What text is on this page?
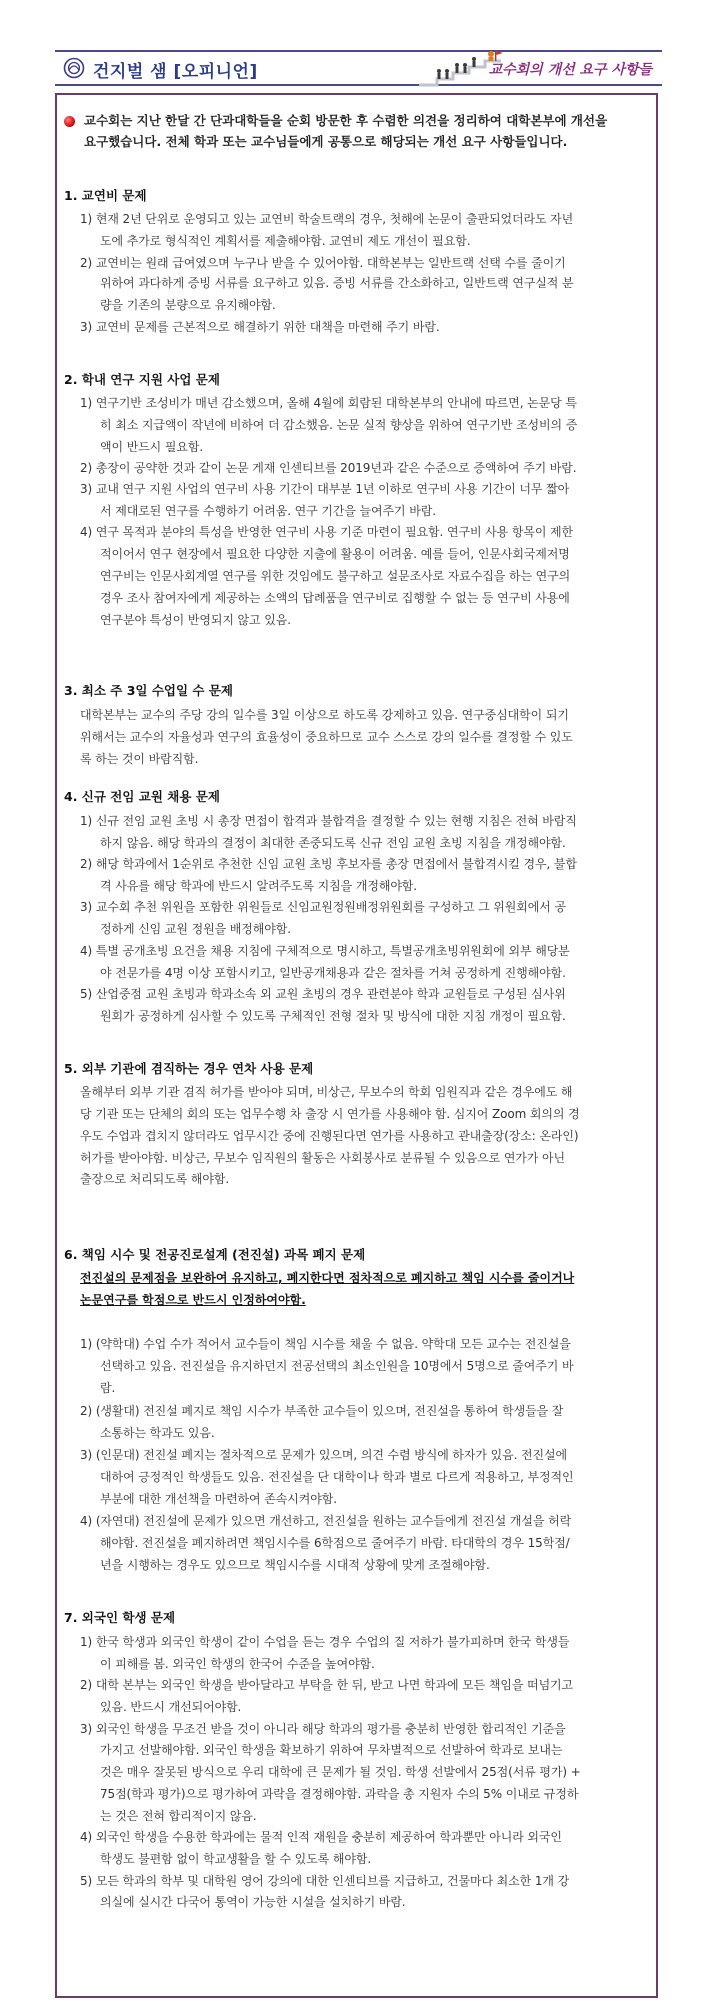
건지벌 샘 [오피니언]	교수회의 개선 요구 사항들
교수회는 지난 한달 간 단과대학들을 순회 방문한 후 수렴한 의견을 정리하여 대학본부에 개선을
요구했습니다. 전체 학과 또는 교수님들에게 공통으로 해당되는 개선 요구 사항들입니다.
1. 교연비 문제
1) 현재 2년 단위로 운영되고 있는 교연비 학술트랙의 경우, 첫해에 논문이 출판되었더라도 자년
도에 추가로 형식적인 계획서를 제출해야함. 교연비 제도 개선이 필요함.
2) 교연비는 원래 급여였으며 누구나 받을 수 있어야함. 대학본부는 일반트랙 선택 수를 줄이기
위하여 과다하게 증빙 서류를 요구하고 있음. 증빙 서류를 간소화하고, 일반트랙 연구실적 분
량을 기존의 분량으로 유지해야함.
3) 교연비 문제를 근본적으로 해결하기 위한 대책을 마련해 주기 바람.
2. 학내 연구 지원 사업 문제
1) 연구기반 조성비가 매년 감소했으며, 올해 4월에 회람된 대학본부의 안내에 따르면, 논문당 특
히 최소 지급액이 작년에 비하여 더 감소했음. 논문 실적 향상을 위하여 연구기반 조성비의 증
액이 반드시 필요함.
2) 총장이 공약한 것과 같이 논문 게재 인센티브를 2019년과 같은 수준으로 증액하여 주기 바람.
3) 교내 연구 지원 사업의 연구비 사용 기간이 대부분 1년 이하로 연구비 사용 기간이 너무 짧아
서 제대로된 연구를 수행하기 어려움. 연구 기간을 늘여주기 바람.
4) 연구 목적과 분야의 특성을 반영한 연구비 사용 기준 마련이 필요함. 연구비 사용 항목이 제한
적이어서 연구 현장에서 필요한 다양한 지출에 활용이 어려움. 예를 들어, 인문사회국제저명
연구비는 인문사회계열 연구를 위한 것임에도 불구하고 설문조사로 자료수집을 하는 연구의
경우 조사 참여자에게 제공하는 소액의 답례품을 연구비로 집행할 수 없는 등 연구비 사용에
연구분야 특성이 반영되지 않고 있음.
3. 최소 주 3일 수업일 수 문제
대학본부는 교수의 주당 강의 일수를 3일 이상으로 하도록 강제하고 있음. 연구중심대학이 되기
위해서는 교수의 자율성과 연구의 효율성이 중요하므로 교수 스스로 강의 일수를 결정할 수 있도
록 하는 것이 바람직함.
4. 신규 전임 교원 채용 문제
1) 신규 전임 교원 초빙 시 총장 면접이 합격과 불합격을 결정할 수 있는 현행 지침은 전혀 바람직
하지 않음. 해당 학과의 결정이 최대한 존중되도록 신규 전임 교원 초빙 지침을 개정해야함.
2) 해당 학과에서 1순위로 추천한 신임 교원 초빙 후보자를 총장 면접에서 불합격시킬 경우, 불합
격 사유를 해당 학과에 반드시 알려주도록 지침을 개정해야함.
3) 교수회 추천 위원을 포함한 위원들로 신임교원정원배정위원회를 구성하고 그 위원회에서 공
정하게 신임 교원 정원을 배정해야함.
4) 특별 공개초빙 요건을 채용 지침에 구체적으로 명시하고, 특별공개초빙위원회에 외부 해당분
야 전문가를 4명 이상 포함시키고, 일반공개채용과 같은 절차를 거쳐 공정하게 진행해야함.
5) 산업중점 교원 초빙과 학과소속 외 교원 초빙의 경우 관련분야 학과 교원들로 구성된 심사위
원회가 공정하게 심사할 수 있도록 구체적인 전형 절차 및 방식에 대한 지침 개정이 필요함.
5. 외부 기관에 겸직하는 경우 연차 사용 문제
올해부터 외부 기관 겸직 허가를 받아야 되며, 비상근, 무보수의 학회 임원직과 같은 경우에도 해
당 기관 또는 단체의 회의 또는 업무수행 차 출장 시 연가를 사용해야 함. 심지어 Zoom 회의의 경
우도 수업과 겹치지 않더라도 업무시간 중에 진행된다면 연가를 사용하고 관내출장(장소: 온라인)
허가를 받아야함. 비상근, 무보수 임직원의 활동은 사회봉사로 분류될 수 있음으로 연가가 아닌
출장으로 처리되도록 해야함.
6. 책임 시수 및 전공진로설계 (전진설) 과목 폐지 문제
전진설의 문제점을 보완하여 유지하고, 폐지한다면 점차적으로 폐지하고 책임 시수를 줄이거나
논문연구를 학점으로 반드시 인정하여야함.
1) (약학대) 수업 수가 적어서 교수들이 책임 시수를 채울 수 없음. 약학대 모든 교수는 전진설을
선택하고 있음. 전진설을 유지하던지 전공선택의 최소인원을 10명에서 5명으로 줄여주기 바
람.
2) (생활대) 전진설 폐지로 책임 시수가 부족한 교수들이 있으며, 전진설을 통하여 학생들을 잘
소통하는 학과도 있음.
3) (인문대) 전진설 폐지는 절차적으로 문제가 있으며, 의견 수렴 방식에 하자가 있음. 전진설에
대하여 긍정적인 학생들도 있음. 전진설을 단 대학이나 학과 별로 다르게 적용하고, 부정적인
부분에 대한 개선책을 마련하여 존속시켜야함.
4) (자연대) 전진설에 문제가 있으면 개선하고, 전진설을 원하는 교수들에게 전진설 개설을 허락
해야함. 전진설을 폐지하려면 책임시수를 6학점으로 줄여주기 바람. 타대학의 경우 15학점/
년을 시행하는 경우도 있으므로 책임시수를 시대적 상황에 맞게 조절해야함.
7. 외국인 학생 문제
1) 한국 학생과 외국인 학생이 같이 수업을 듣는 경우 수업의 질 저하가 불가피하며 한국 학생들
이 피해를 봄. 외국인 학생의 한국어 수준을 높여야함.
2) 대학 본부는 외국인 학생을 받아달라고 부탁을 한 뒤, 받고 나면 학과에 모든 책임을 떠넘기고
있음. 반드시 개선되어야함.
3) 외국인 학생을 무조건 받을 것이 아니라 해당 학과의 평가를 충분히 반영한 합리적인 기준을
가지고 선발해야함. 외국인 학생을 확보하기 위하여 무차별적으로 선발하여 학과로 보내는
것은 매우 잘못된 방식으로 우리 대학에 큰 문제가 될 것임. 학생 선발에서 25점(서류 평가) +
75점(학과 평가)으로 평가하여 과락을 결정해야함. 과락을 총 지원자 수의 5% 이내로 규정하
는 것은 전혀 합리적이지 않음.
4) 외국인 학생을 수용한 학과에는 물적 인적 재원을 충분히 제공하여 학과뿐만 아니라 외국인
학생도 불편함 없이 학교생활을 할 수 있도록 해야함.
5) 모든 학과의 학부 및 대학원 영어 강의에 대한 인센티브를 지급하고, 건물마다 최소한 1개 강
의실에 실시간 다국어 통역이 가능한 시설을 설치하기 바람.
